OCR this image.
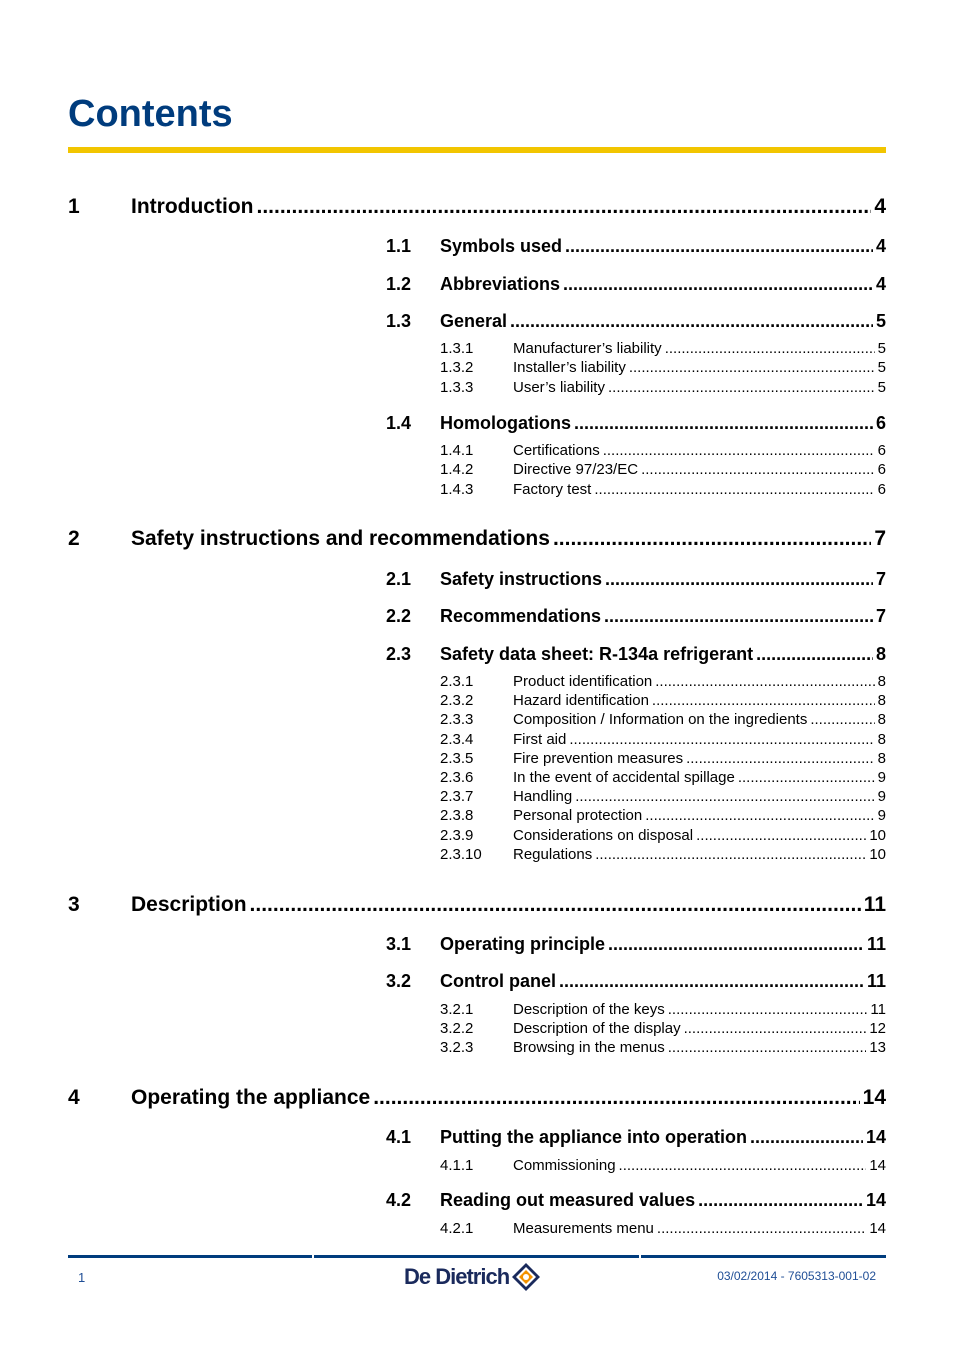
Contents
1	Introduction .....	4
1.1	Symbols used .....	4
1.2	Abbreviations .....	4
1.3	General .....	5
1.3.1	Manufacturer’s liability .....	5
1.3.2	Installer’s liability .....	5
1.3.3	User’s liability .....	5
1.4	Homologations .....	6
1.4.1	Certifications .....	6
1.4.2	Directive 97/23/EC .....	6
1.4.3	Factory test .....	6
2	Safety instructions and recommendations .....	7
2.1	Safety instructions .....	7
2.2	Recommendations .....	7
2.3	Safety data sheet: R-134a refrigerant .....	8
2.3.1	Product identification .....	8
2.3.2	Hazard identification .....	8
2.3.3	Composition / Information on the ingredients .....	8
2.3.4	First aid .....	8
2.3.5	Fire prevention measures .....	8
2.3.6	In the event of accidental spillage .....	9
2.3.7	Handling .....	9
2.3.8	Personal protection .....	9
2.3.9	Considerations on disposal .....	10
2.3.10	Regulations .....	10
3	Description .....	11
3.1	Operating principle .....	11
3.2	Control panel .....	11
3.2.1	Description of the keys .....	11
3.2.2	Description of the display .....	12
3.2.3	Browsing in the menus .....	13
4	Operating the appliance .....	14
4.1	Putting the appliance into operation .....	14
4.1.1	Commissioning .....	14
4.2	Reading out measured values .....	14
4.2.1	Measurements menu .....	14
1	De Dietrich	03/02/2014 - 7605313-001-02
